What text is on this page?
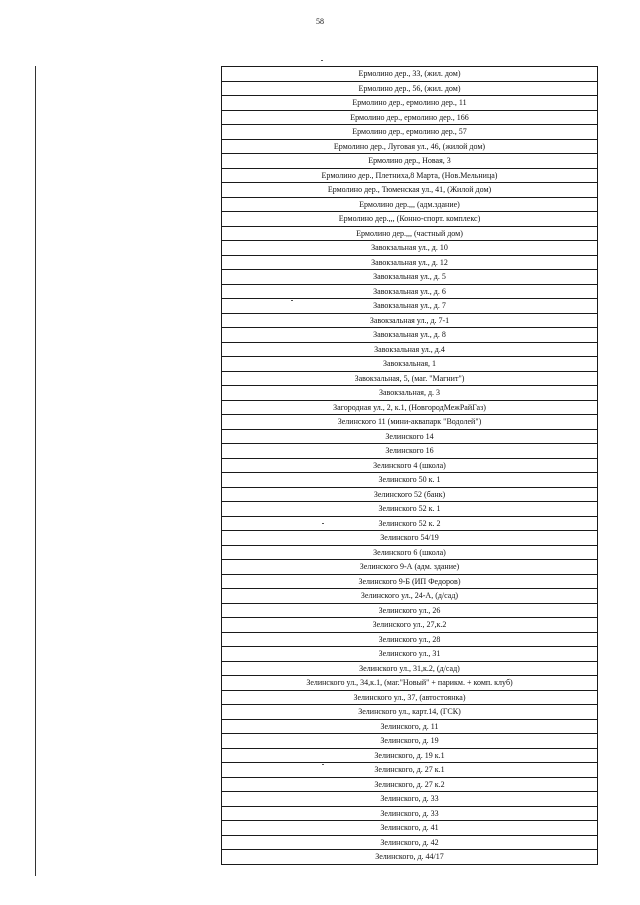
58
Ермолино дер., 33, (жил. дом)
Ермолино дер., 56, (жил. дом)
Ермолино дер., ермолино дер., 11
Ермолино дер., ермолино дер., 166
Ермолино дер., ермолино дер., 57
Ермолино дер., Луговая ул., 46, (жилой дом)
Ермолино дер., Новая, 3
Ермолино дер., Плетниха,8 Марта, (Нов.Мельница)
Ермолино дер., Тюменская ул., 41, (Жилой дом)
Ермолино дер.,,, (адм.здание)
Ермолино дер.,,, (Конно-спорт. комплекс)
Ермолино дер.,,, (частный дом)
Завокзальная ул., д. 10
Завокзальная ул., д. 12
Завокзальная ул., д. 5
Завокзальная ул., д. 6
Завокзальная ул., д. 7
Завокзальная ул., д. 7-1
Завокзальная ул., д. 8
Завокзальная ул., д.4
Завокзальная, 1
Завокзальная, 5, (маг. "Магнит")
Завокзальная, д. 3
Загородная ул., 2, к.1, (НовгородМежРайГаз)
Зелинского 11 (мини-аквапарк "Водолей")
Зелинского 14
Зелинского 16
Зелинского 4 (школа)
Зелинского 50 к. 1
Зелинского 52 (банк)
Зелинского 52 к. 1
Зелинского 52 к. 2
Зелинского 54/19
Зелинского 6 (школа)
Зелинского 9-А (адм. здание)
Зелинского 9-Б (ИП Федоров)
Зелинского ул., 24-А, (д/сад)
Зелинского ул., 26
Зелинского ул., 27,к.2
Зелинского ул., 28
Зелинского ул., 31
Зелинского ул., 31,к.2, (д/сад)
Зелинского ул., 34,к.1, (маг."Новый" + парикм. + комп. клуб)
Зелинского ул., 37, (автостоянка)
Зелинского ул., карт.14, (ГСК)
Зелинского, д. 11
Зелинского, д. 19
Зелинского, д. 19 к.1
Зелинского, д. 27 к.1
Зелинского, д. 27 к.2
Зелинского, д. 33
Зелинского, д. 33
Зелинского, д. 41
Зелинского, д. 42
Зелинского, д. 44/17
